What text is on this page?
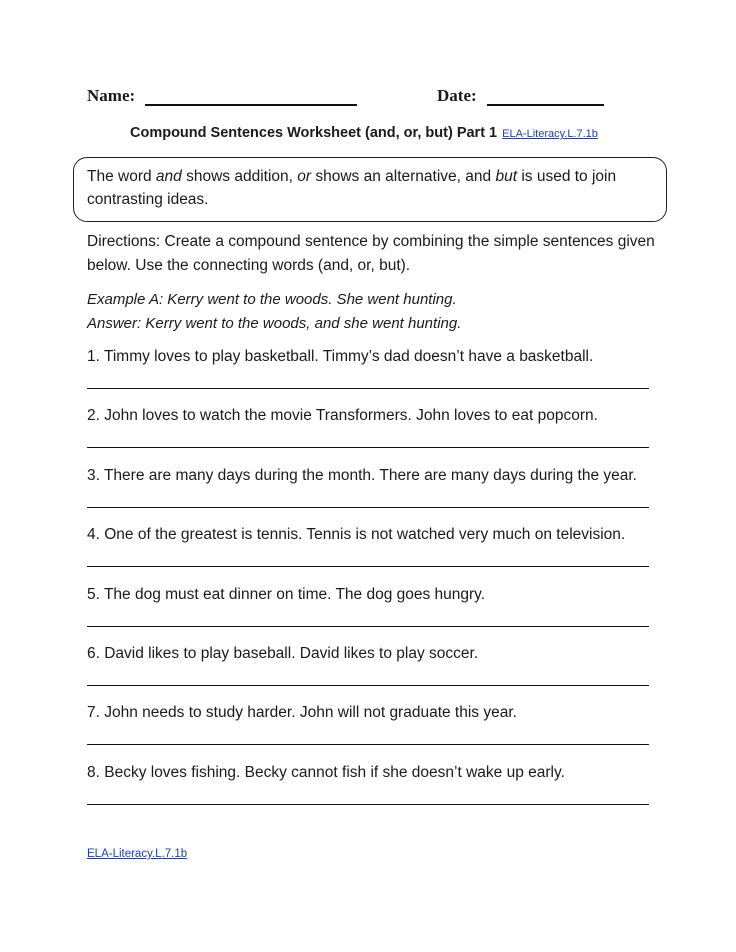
Name:	Date:
Compound Sentences Worksheet (and, or, but) Part 1 ELA-Literacy.L.7.1b
The word and shows addition, or shows an alternative, and but is used to join contrasting ideas.
Directions: Create a compound sentence by combining the simple sentences given below. Use the connecting words (and, or, but).
Example A: Kerry went to the woods. She went hunting.
Answer: Kerry went to the woods, and she went hunting.
1. Timmy loves to play basketball. Timmy’s dad doesn’t have a basketball.
2. John loves to watch the movie Transformers. John loves to eat popcorn.
3. There are many days during the month. There are many days during the year.
4. One of the greatest is tennis. Tennis is not watched very much on television.
5. The dog must eat dinner on time. The dog goes hungry.
6. David likes to play baseball. David likes to play soccer.
7. John needs to study harder. John will not graduate this year.
8. Becky loves fishing. Becky cannot fish if she doesn’t wake up early.
ELA-Literacy.L.7.1b
